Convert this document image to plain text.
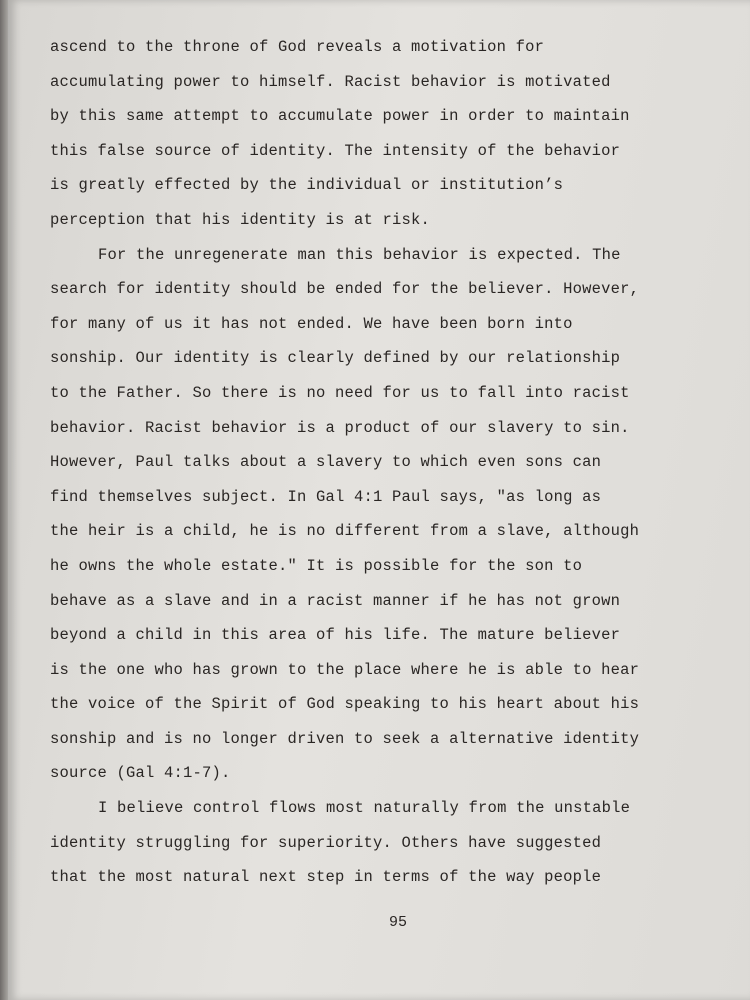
ascend to the throne of God reveals a motivation for
accumulating power to himself. Racist behavior is motivated
by this same attempt to accumulate power in order to maintain
this false source of identity. The intensity of the behavior
is greatly effected by the individual or institution’s
perception that his identity is at risk.
For the unregenerate man this behavior is expected. The
search for identity should be ended for the believer. However,
for many of us it has not ended. We have been born into
sonship. Our identity is clearly defined by our relationship
to the Father. So there is no need for us to fall into racist
behavior. Racist behavior is a product of our slavery to sin.
However, Paul talks about a slavery to which even sons can
find themselves subject. In Gal 4:1 Paul says, "as long as
the heir is a child, he is no different from a slave, although
he owns the whole estate." It is possible for the son to
behave as a slave and in a racist manner if he has not grown
beyond a child in this area of his life. The mature believer
is the one who has grown to the place where he is able to hear
the voice of the Spirit of God speaking to his heart about his
sonship and is no longer driven to seek a alternative identity
source (Gal 4:1-7).
I believe control flows most naturally from the unstable
identity struggling for superiority. Others have suggested
that the most natural next step in terms of the way people
95
